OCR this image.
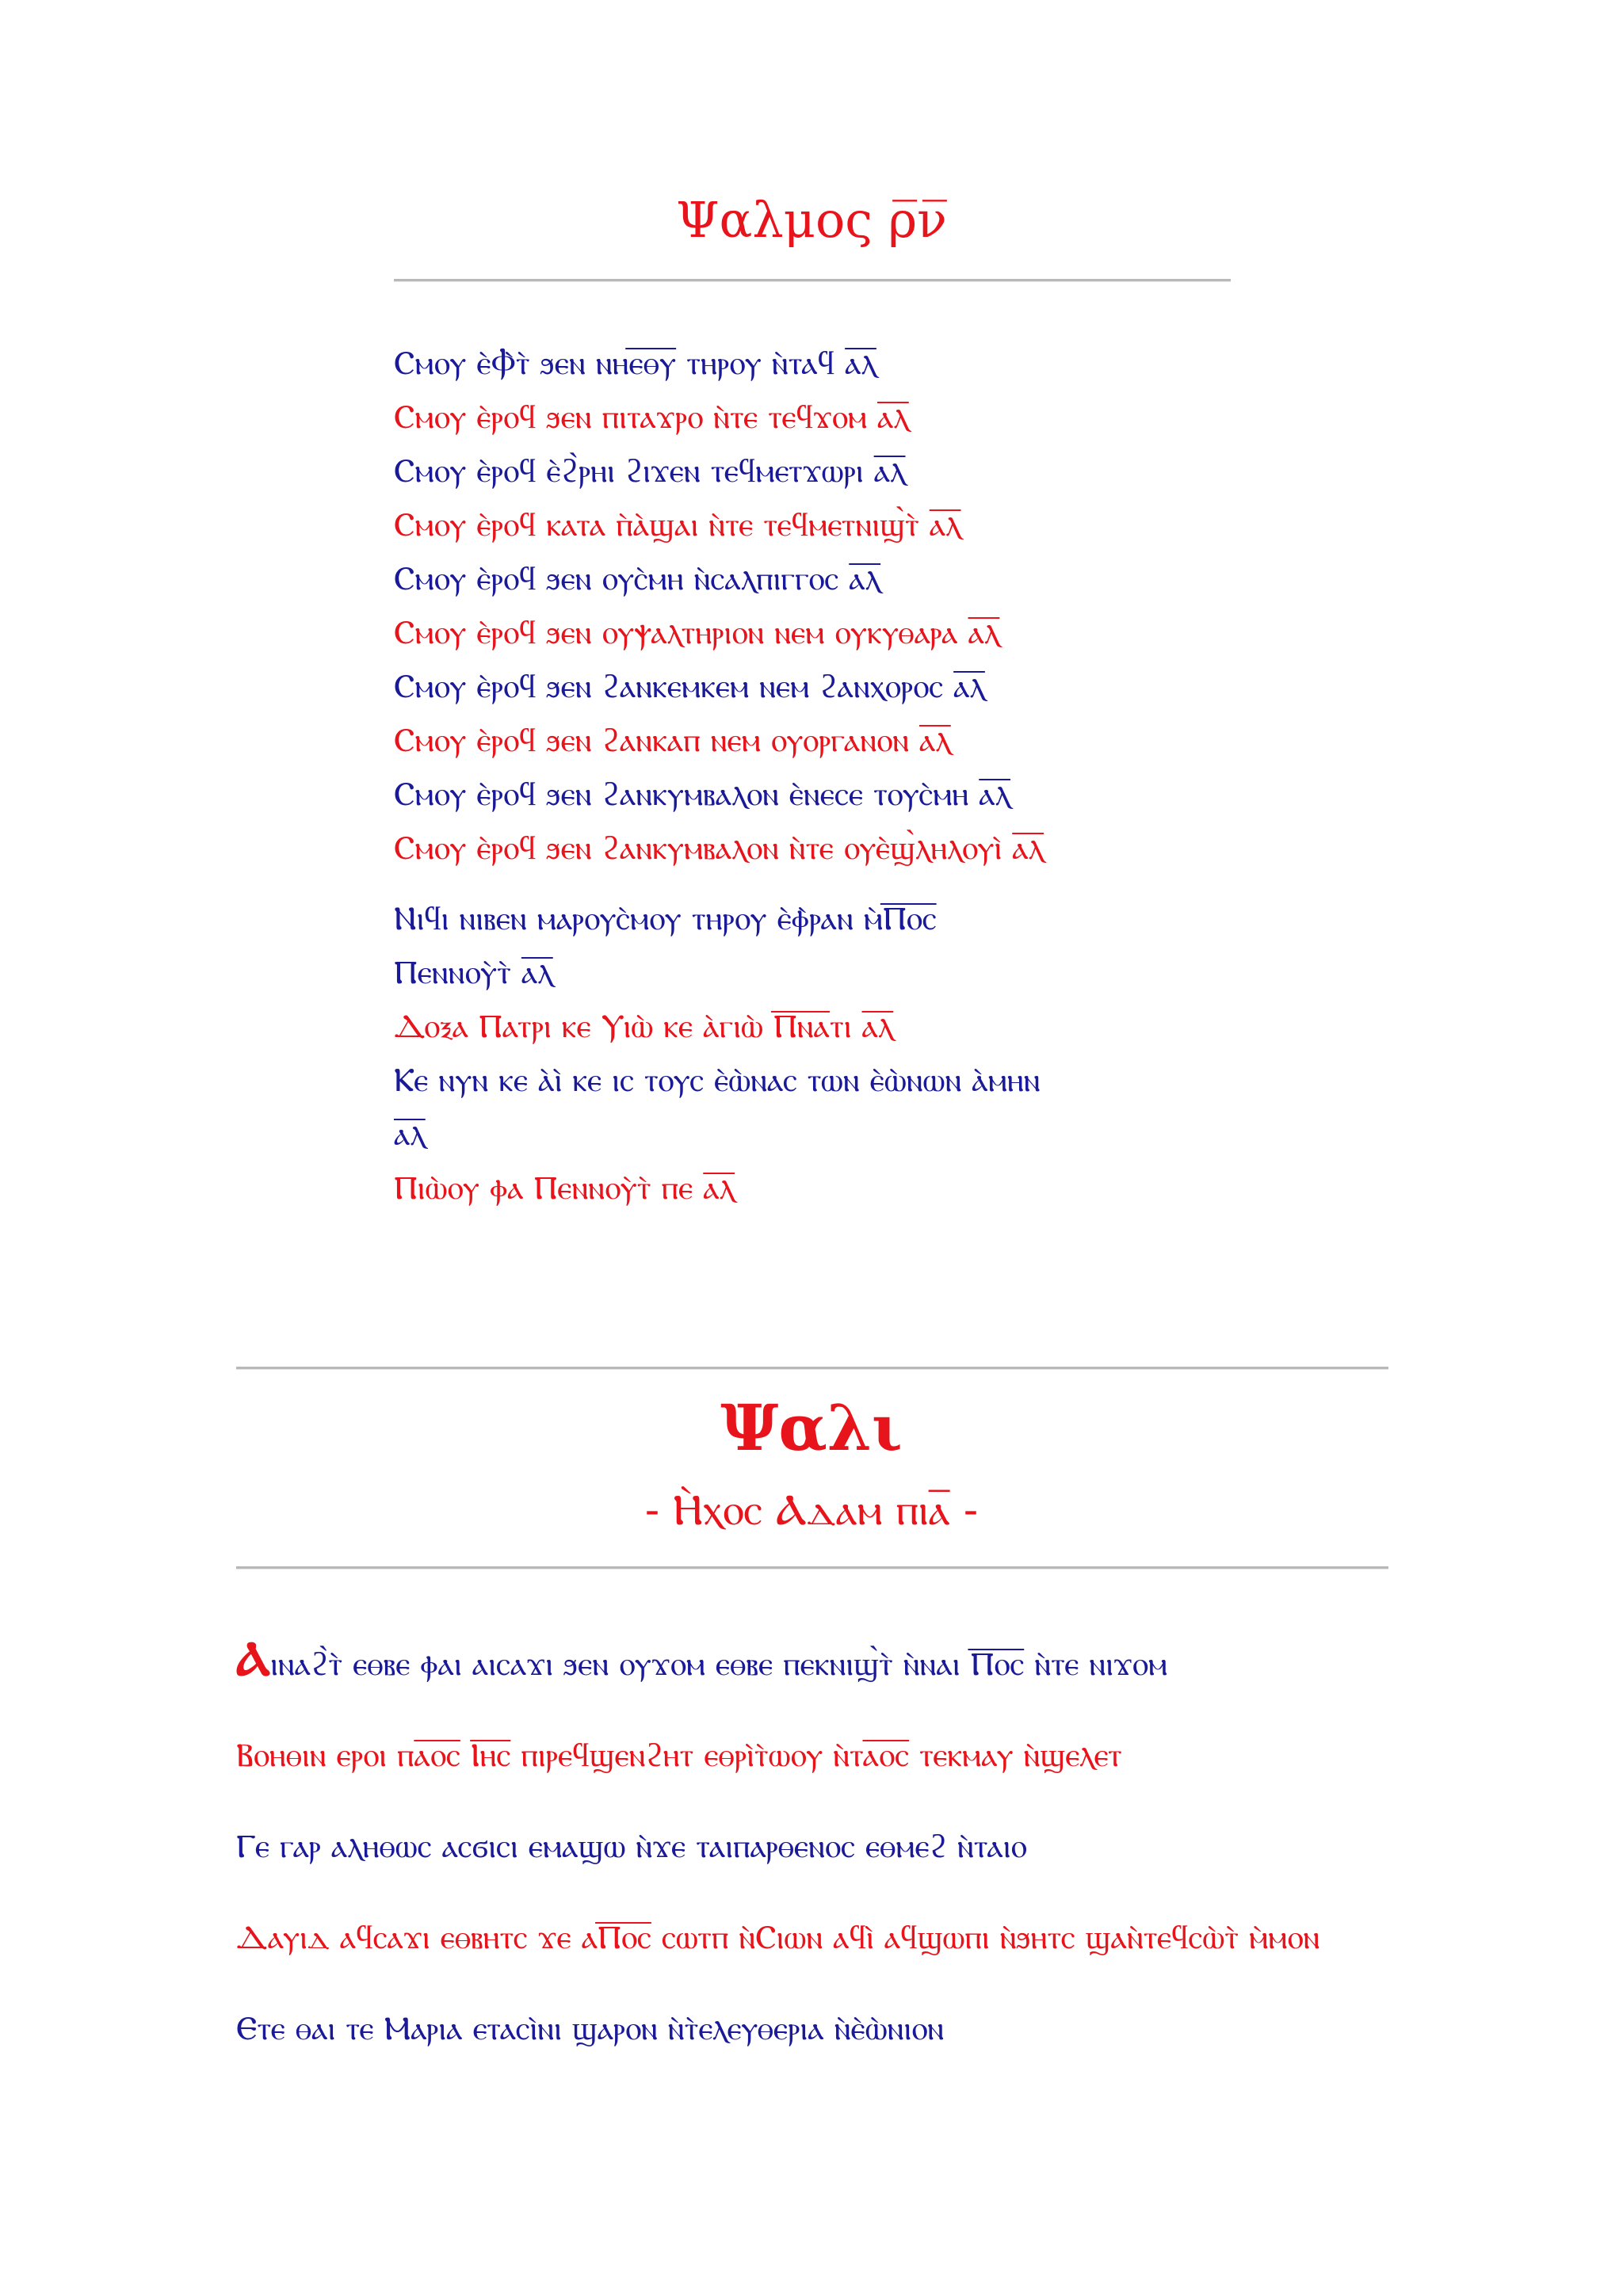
Ψαλμος ρ̅ν̅
Ⲥⲙⲟⲩ ⲉ̀Ⲫ̀ⲧ̀ ϧⲉⲛ ⲛⲏⲉ̅ⲑ̅ⲩ̅ ⲧⲏⲣⲟⲩ ⲛ̀ⲧⲁϥ ⲁ̅ⲗ̅
Ⲥⲙⲟⲩ ⲉ̀ⲣⲟϥ ϧⲉⲛ ⲡⲓⲧⲁϫⲣⲟ ⲛ̀ⲧⲉ ⲧⲉϥϫⲟⲙ ⲁ̅ⲗ̅
Ⲥⲙⲟⲩ ⲉ̀ⲣⲟϥ ⲉ̀ϩ̀ⲣⲏⲓ ϩⲓϫⲉⲛ ⲧⲉϥⲙⲉⲧϫⲱⲣⲓ ⲁ̅ⲗ̅
Ⲥⲙⲟⲩ ⲉ̀ⲣⲟϥ ⲕⲁⲧⲁ ⲡ̀ⲁ̀ϣⲁⲓ ⲛ̀ⲧⲉ ⲧⲉϥⲙⲉⲧⲛⲓϣ̀ⲧ̀ ⲁ̅ⲗ̅
Ⲥⲙⲟⲩ ⲉ̀ⲣⲟϥ ϧⲉⲛ ⲟⲩⲥ̀ⲙⲏ ⲛ̀ⲥⲁⲗⲡⲓⲅⲅⲟⲥ ⲁ̅ⲗ̅
Ⲥⲙⲟⲩ ⲉ̀ⲣⲟϥ ϧⲉⲛ ⲟⲩⲯⲁⲗⲧⲏⲣⲓⲟⲛ ⲛⲉⲙ ⲟⲩⲕⲩⲑⲁⲣⲁ ⲁ̅ⲗ̅
Ⲥⲙⲟⲩ ⲉ̀ⲣⲟϥ ϧⲉⲛ ϩⲁⲛⲕⲉⲙⲕⲉⲙ ⲛⲉⲙ ϩⲁⲛⲭⲟⲣⲟⲥ ⲁ̅ⲗ̅
Ⲥⲙⲟⲩ ⲉ̀ⲣⲟϥ ϧⲉⲛ ϩⲁⲛⲕⲁⲡ ⲛⲉⲙ ⲟⲩⲟⲣⲅⲁⲛⲟⲛ ⲁ̅ⲗ̅
Ⲥⲙⲟⲩ ⲉ̀ⲣⲟϥ ϧⲉⲛ ϩⲁⲛⲕⲩⲙⲃⲁⲗⲟⲛ ⲉ̀ⲛⲉⲥⲉ ⲧⲟⲩⲥ̀ⲙⲏ ⲁ̅ⲗ̅
Ⲥⲙⲟⲩ ⲉ̀ⲣⲟϥ ϧⲉⲛ ϩⲁⲛⲕⲩⲙⲃⲁⲗⲟⲛ ⲛ̀ⲧⲉ ⲟⲩⲉ̀ϣ̀ⲗⲏⲗⲟⲩⲓ̀ ⲁ̅ⲗ̅
Ⲛⲓϥⲓ ⲛⲓⲃⲉⲛ ⲙⲁⲣⲟⲩⲥ̀ⲙⲟⲩ ⲧⲏⲣⲟⲩ ⲉ̀ⲫ̀ⲣⲁⲛ ⲙ̀Ⲡ̅ⲟ̅ⲥ̅
Ⲡⲉⲛⲛⲟⲩ̀ⲧ̀ ⲁ̅ⲗ̅
Ⲇⲟⲝⲁ Ⲡⲁⲧⲣⲓ ⲕⲉ Ⲩⲓⲱ̀ ⲕⲉ ⲁ̀ⲅⲓⲱ̀ Ⲡ̅ⲛ̅ⲁ̅ⲧⲓ ⲁ̅ⲗ̅
Ⲕⲉ ⲛⲩⲛ ⲕⲉ ⲁ̀ⲓ̀ ⲕⲉ ⲓⲥ ⲧⲟⲩⲥ ⲉ̀ⲱ̀ⲛⲁⲥ ⲧⲱⲛ ⲉ̀ⲱ̀ⲛⲱⲛ ⲁ̀ⲙⲏⲛ
ⲁ̅ⲗ̅
Ⲡⲓⲱ̀ⲟⲩ ⲫⲁ Ⲡⲉⲛⲛⲟⲩ̀ⲧ̀ ⲡⲉ ⲁ̅ⲗ̅
Ψαλι
- Ⲏ̀ⲭⲟⲥ Ⲁⲇⲁⲙ ⲡⲓⲁ̅ -
Ⲁⲓⲛⲁϩ̀ⲧ̀ ⲉⲑⲃⲉ ⲫⲁⲓ ⲁⲓⲥⲁϫⲓ ϧⲉⲛ ⲟⲩϫⲟⲙ ⲉⲑⲃⲉ ⲡⲉⲕⲛⲓϣ̀ⲧ̀ ⲛ̀ⲛⲁⲓ Ⲡ̅ⲟ̅ⲥ̅ ⲛ̀ⲧⲉ ⲛⲓϫⲟⲙ
Ⲃⲟⲏⲑⲓⲛ ⲉⲣⲟⲓ ⲡⲁ̅ⲟ̅ⲥ̅ Ⲓ̅ⲏ̅ⲥ̅ ⲡⲓⲣⲉϥϣⲉⲛϩⲏⲧ ⲉⲑⲣⲓ̀ⲧ̀ⲱⲟⲩ ⲛ̀ⲧⲁ̅ⲟ̅ⲥ̅ ⲧⲉⲕⲙⲁⲩ ⲛ̀ϣⲉⲗⲉⲧ
Ⲅⲉ ⲅⲁⲣ ⲁⲗⲏⲑⲱⲥ ⲁⲥϭⲓⲥⲓ ⲉⲙⲁϣⲱ ⲛ̀ϫⲉ ⲧⲁⲓⲡⲁⲣⲑⲉⲛⲟⲥ ⲉⲑⲙⲉϩ ⲛ̀ⲧⲁⲓⲟ
Ⲇⲁⲩⲓⲇ ⲁϥⲥⲁϫⲓ ⲉⲑⲃⲏⲧⲥ ϫⲉ ⲁⲠ̅ⲟ̅ⲥ̅ ⲥⲱⲧⲡ ⲛ̀Ⲥⲓⲱⲛ ⲁϥⲓ̀ ⲁϥϣⲱⲡⲓ ⲛ̀ϧⲏⲧⲥ ϣⲁⲛ̀ⲧⲉϥⲥⲱ̀ⲧ̀ ⲙ̀ⲙⲟⲛ
Ⲉⲧⲉ ⲑⲁⲓ ⲧⲉ Ⲙⲁⲣⲓⲁ ⲉⲧⲁⲥⲓ̀ⲛⲓ ϣⲁⲣⲟⲛ ⲛ̀ⲧ̀ⲉⲗⲉⲩⲑⲉⲣⲓⲁ ⲛ̀ⲉ̀ⲱ̀ⲛⲓⲟⲛ
